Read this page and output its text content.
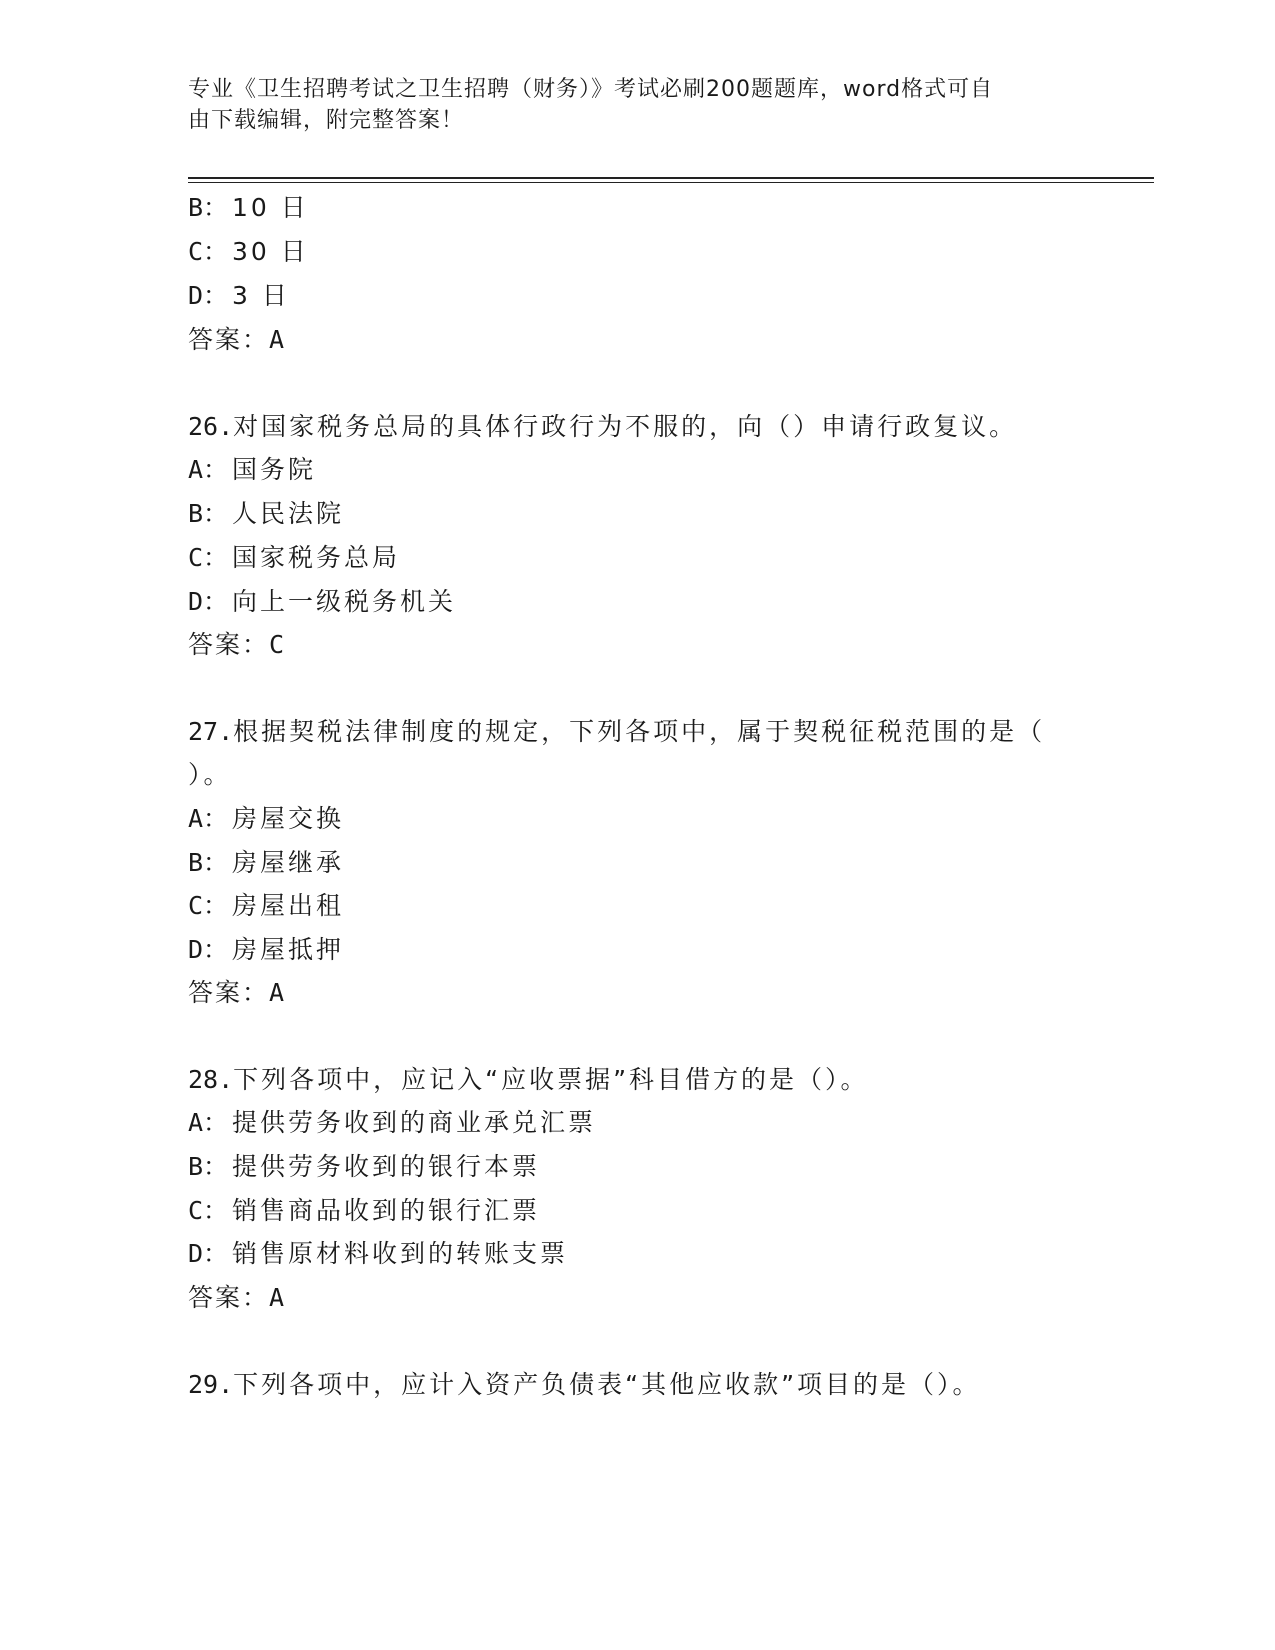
专业《卫生招聘考试之卫生招聘（财务）》考试必刷200题题库，word格式可自
由下载编辑，附完整答案！
B： 10 日
C： 30 日
D： 3 日
答案：A
26.对国家税务总局的具体行政行为不服的，向（）申请行政复议。
A： 国务院
B： 人民法院
C： 国家税务总局
D： 向上一级税务机关
答案：C
27.根据契税法律制度的规定，下列各项中，属于契税征税范围的是（
）。
A： 房屋交换
B： 房屋继承
C： 房屋出租
D： 房屋抵押
答案：A
28.下列各项中，应记入“应收票据”科目借方的是（）。
A： 提供劳务收到的商业承兑汇票
B： 提供劳务收到的银行本票
C： 销售商品收到的银行汇票
D： 销售原材料收到的转账支票
答案：A
29.下列各项中，应计入资产负债表“其他应收款”项目的是（）。
